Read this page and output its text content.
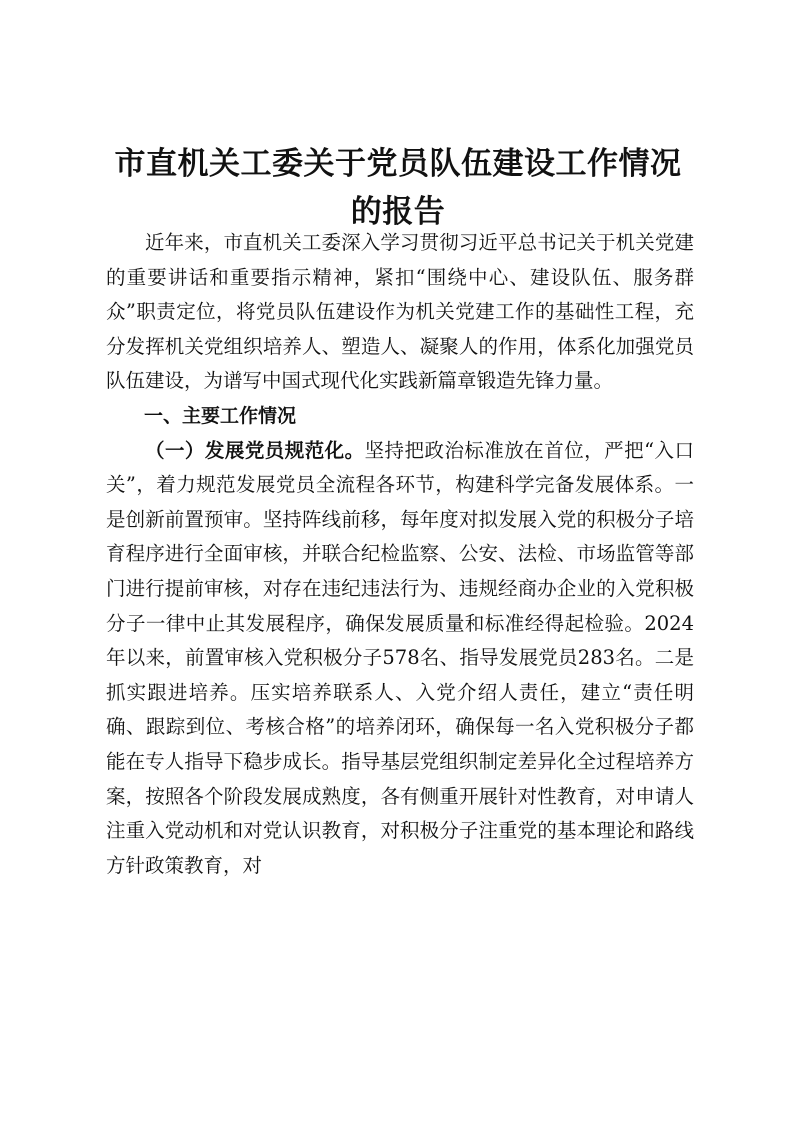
市直机关工委关于党员队伍建设工作情况的报告

近年来，市直机关工委深入学习贯彻习近平总书记关于机关党建的重要讲话和重要指示精神，紧扣“围绕中心、建设队伍、服务群众”职责定位，将党员队伍建设作为机关党建工作的基础性工程，充分发挥机关党组织培养人、塑造人、凝聚人的作用，体系化加强党员队伍建设，为谱写中国式现代化实践新篇章锻造先锋力量。

一、主要工作情况

（一）发展党员规范化。坚持把政治标准放在首位，严把“入口关”，着力规范发展党员全流程各环节，构建科学完备发展体系。一是创新前置预审。坚持阵线前移，每年度对拟发展入党的积极分子培育程序进行全面审核，并联合纪检监察、公安、法检、市场监管等部门进行提前审核，对存在违纪违法行为、违规经商办企业的入党积极分子一律中止其发展程序，确保发展质量和标准经得起检验。2024年以来，前置审核入党积极分子578名、指导发展党员283名。二是抓实跟进培养。压实培养联系人、入党介绍人责任，建立“责任明确、跟踪到位、考核合格”的培养闭环，确保每一名入党积极分子都能在专人指导下稳步成长。指导基层党组织制定差异化全过程培养方案，按照各个阶段发展成熟度，各有侧重开展针对性教育，对申请人注重入党动机和对党认识教育，对积极分子注重党的基本理论和路线方针政策教育，对
